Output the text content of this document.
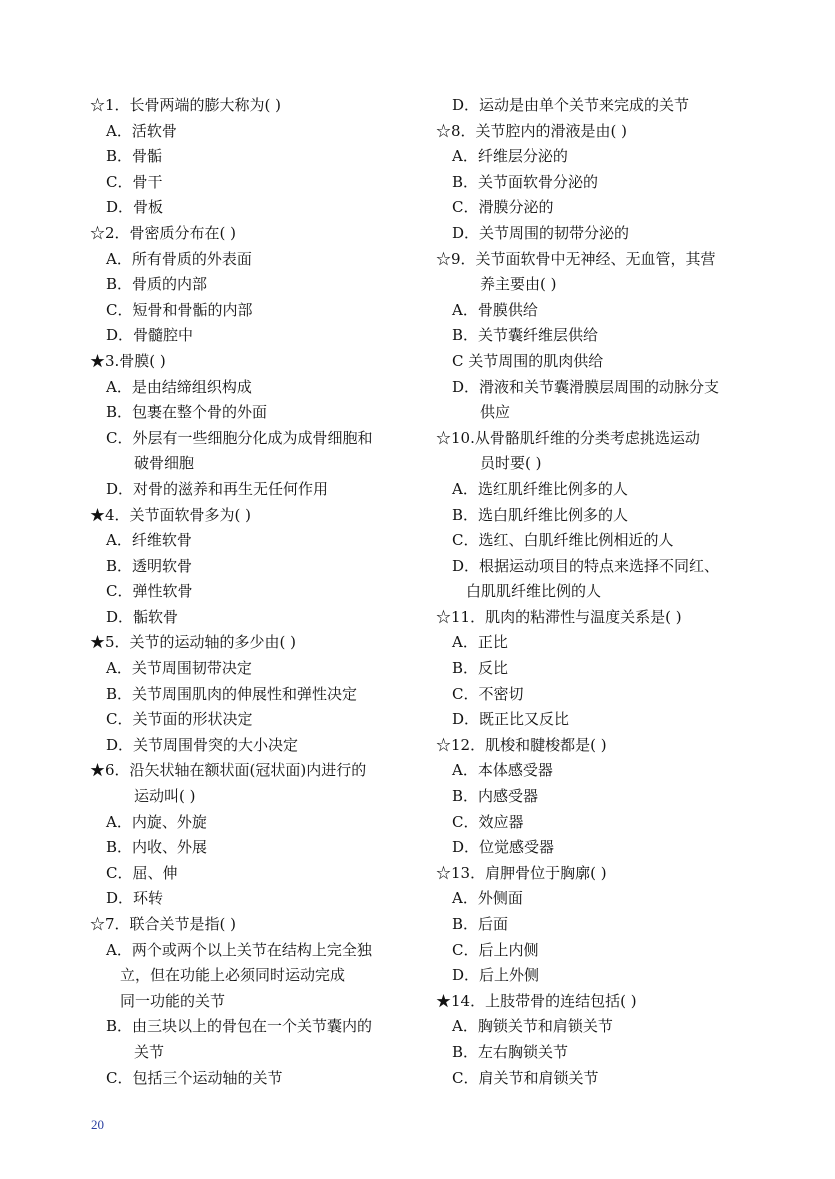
☆1．长骨两端的膨大称为( )
A．活软骨
B．骨骺
C．骨干
D．骨板
☆2．骨密质分布在( )
A．所有骨质的外表面
B．骨质的内部
C．短骨和骨骺的内部
D．骨髓腔中
★3.骨膜( )
A．是由结缔组织构成
B．包裹在整个骨的外面
C．外层有一些细胞分化成为成骨细胞和
破骨细胞
D．对骨的滋养和再生无任何作用
★4．关节面软骨多为( )
A．纤维软骨
B．透明软骨
C．弹性软骨
D．骺软骨
★5．关节的运动轴的多少由( )
A．关节周围韧带决定
B．关节周围肌肉的伸展性和弹性决定
C．关节面的形状决定
D．关节周围骨突的大小决定
★6．沿矢状轴在额状面(冠状面)内进行的
运动叫( )
A．内旋、外旋
B．内收、外展
C．屈、伸
D．环转
☆7．联合关节是指( )
A．两个或两个以上关节在结构上完全独
立，但在功能上必须同时运动完成
同一功能的关节
B．由三块以上的骨包在一个关节囊内的
关节
C．包括三个运动轴的关节
D．运动是由单个关节来完成的关节
☆8．关节腔内的滑液是由( )
A．纤维层分泌的
B．关节面软骨分泌的
C．滑膜分泌的
D．关节周围的韧带分泌的
☆9．关节面软骨中无神经、无血管，其营
养主要由( )
A．骨膜供给
B．关节囊纤维层供给
C 关节周围的肌肉供给
D．滑液和关节囊滑膜层周围的动脉分支
供应
☆10.从骨骼肌纤维的分类考虑挑选运动
员时要( )
A．选红肌纤维比例多的人
B．选白肌纤维比例多的人
C．选红、白肌纤维比例相近的人
D．根据运动项目的特点来选择不同红、
白肌肌纤维比例的人
☆11．肌肉的粘滞性与温度关系是( )
A．正比
B．反比
C．不密切
D．既正比又反比
☆12．肌梭和腱梭都是( )
A．本体感受器
B．内感受器
C．效应器
D．位觉感受器
☆13．肩胛骨位于胸廓( )
A．外侧面
B．后面
C．后上内侧
D．后上外侧
★14．上肢带骨的连结包括( )
A．胸锁关节和肩锁关节
B．左右胸锁关节
C．肩关节和肩锁关节
20
